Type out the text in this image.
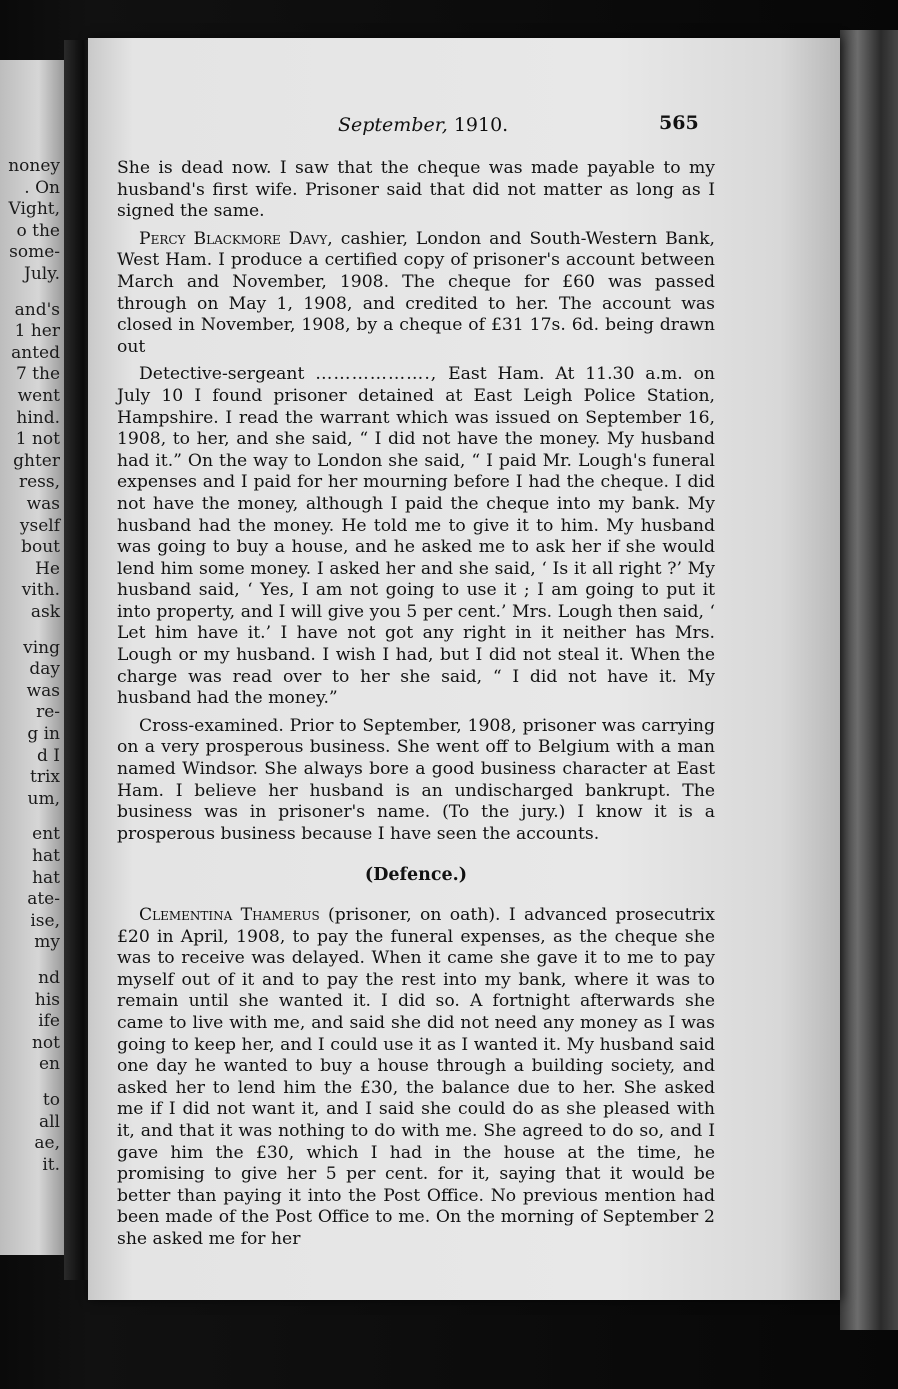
noney
. On
Vight,
o the
some-
July.
and's
1 her
anted
7 the
went
hind.
1 not
ghter
ress,
was
yself
bout
He
vith.
ask
ving
day
was
re-
g in
d I
trix
um,
ent
hat
hat
ate-
ise,
my
nd
his
ife
not
en
to
all
ae,
it.
September, 1910.	565

She is dead now. I saw that the cheque was made payable to my husband's first wife. Prisoner said that did not matter as long as I signed the same.

Percy Blackmore Davy, cashier, London and South-Western Bank, West Ham. I produce a certified copy of prisoner's account between March and November, 1908. The cheque for £60 was passed through on May 1, 1908, and credited to her. The account was closed in November, 1908, by a cheque of £31 17s. 6d. being drawn out

Detective-sergeant ………………., East Ham. At 11.30 a.m. on July 10 I found prisoner detained at East Leigh Police Station, Hampshire. I read the warrant which was issued on September 16, 1908, to her, and she said, “ I did not have the money. My husband had it.” On the way to London she said, “ I paid Mr. Lough's funeral expenses and I paid for her mourning before I had the cheque. I did not have the money, although I paid the cheque into my bank. My husband had the money. He told me to give it to him. My husband was going to buy a house, and he asked me to ask her if she would lend him some money. I asked her and she said, ‘ Is it all right ?’ My husband said, ‘ Yes, I am not going to use it ; I am going to put it into property, and I will give you 5 per cent.’ Mrs. Lough then said, ‘ Let him have it.’ I have not got any right in it neither has Mrs. Lough or my husband. I wish I had, but I did not steal it. When the charge was read over to her she said, “ I did not have it. My husband had the money.”

Cross-examined. Prior to September, 1908, prisoner was carrying on a very prosperous business. She went off to Belgium with a man named Windsor. She always bore a good business character at East Ham. I believe her husband is an undischarged bankrupt. The business was in prisoner's name. (To the jury.) I know it is a prosperous business because I have seen the accounts.

(Defence.)

Clementina Thamerus (prisoner, on oath). I advanced prosecutrix £20 in April, 1908, to pay the funeral expenses, as the cheque she was to receive was delayed. When it came she gave it to me to pay myself out of it and to pay the rest into my bank, where it was to remain until she wanted it. I did so. A fortnight afterwards she came to live with me, and said she did not need any money as I was going to keep her, and I could use it as I wanted it. My husband said one day he wanted to buy a house through a building society, and asked her to lend him the £30, the balance due to her. She asked me if I did not want it, and I said she could do as she pleased with it, and that it was nothing to do with me. She agreed to do so, and I gave him the £30, which I had in the house at the time, he promising to give her 5 per cent. for it, saying that it would be better than paying it into the Post Office. No previous mention had been made of the Post Office to me. On the morning of September 2 she asked me for her
